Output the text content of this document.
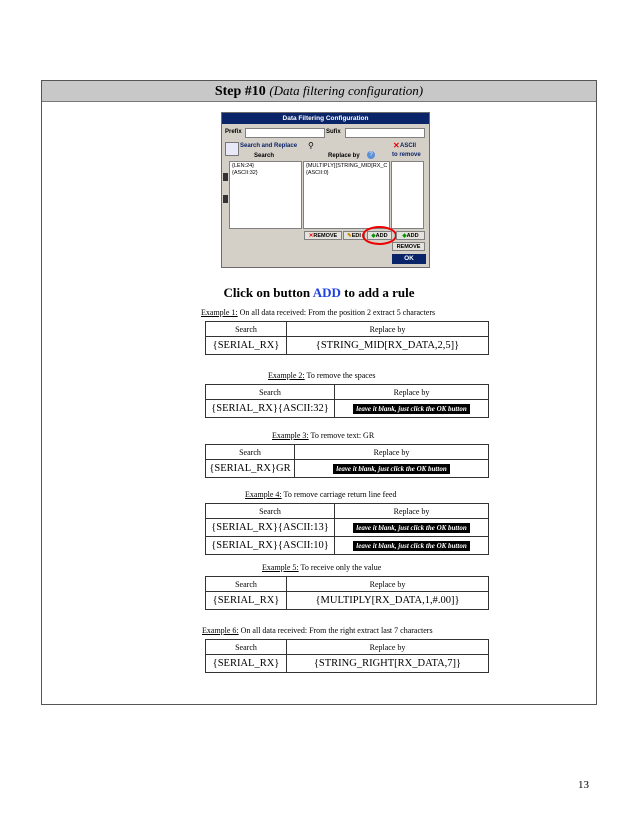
Step #10 (Data filtering configuration)
Data Filtering Configuration
Prefix	Sufix
Search and Replace ⚲
Search	Replace by	?
✕ ASCII
to remove
{LEN:24}
{ASCII:32}
{MULTIPLY[{STRING_MID[RX_C
{ASCII:0}
✕REMOVE	✎EDI	◆ADD	◆ADD
REMOVE
OK
Click on button ADD to add a rule
Example 1: On all data received: From the position 2 extract 5 characters
Search	Replace by
{SERIAL_RX}	{STRING_MID[RX_DATA,2,5]}
Example 2: To remove the spaces
Search	Replace by
{SERIAL_RX}{ASCII:32}	leave it blank, just click the OK button
Example 3: To remove text: GR
Search	Replace by
{SERIAL_RX}GR	leave it blank, just click the OK button
Example 4: To remove carriage return line feed
Search	Replace by
{SERIAL_RX}{ASCII:13}	leave it blank, just click the OK button
{SERIAL_RX}{ASCII:10}	leave it blank, just click the OK button
Example 5: To receive only the value
Search	Replace by
{SERIAL_RX}	{MULTIPLY[RX_DATA,1,#.00]}
Example 6: On all data received: From the right extract last 7 characters
Search	Replace by
{SERIAL_RX}	{STRING_RIGHT[RX_DATA,7]}
13
